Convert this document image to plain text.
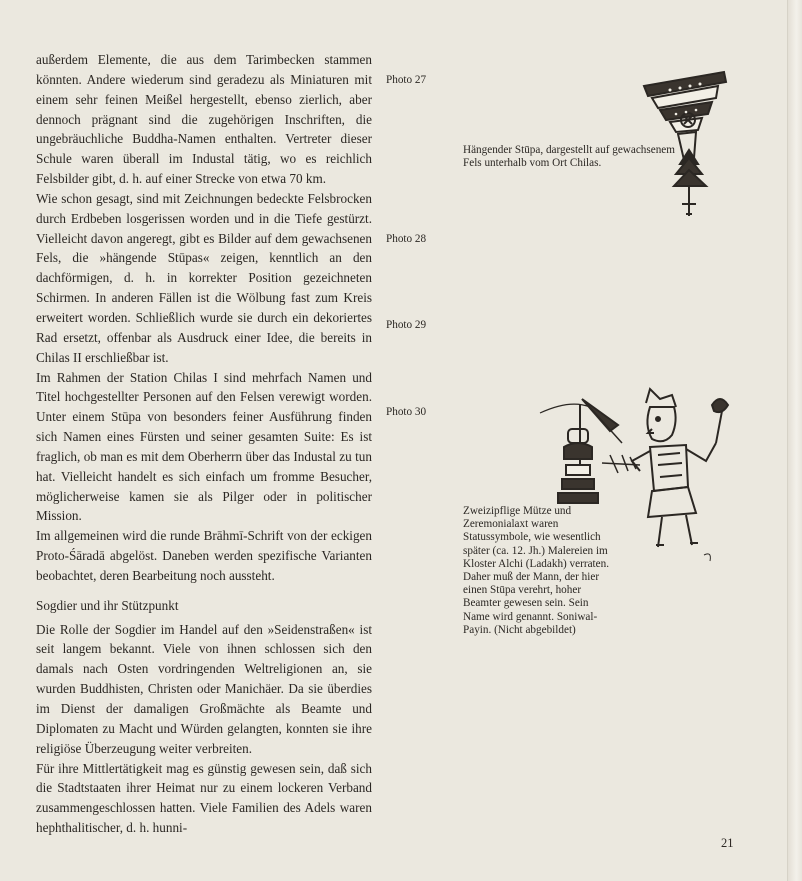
außerdem Elemente, die aus dem Tarimbecken stammen könnten. Andere wiederum sind geradezu als Miniaturen mit einem sehr feinen Meißel hergestellt, ebenso zierlich, aber dennoch prägnant sind die zugehörigen Inschriften, die ungebräuchliche Buddha-Namen enthalten. Vertreter dieser Schule waren überall im Industal tätig, wo es reichlich Felsbilder gibt, d. h. auf einer Strecke von etwa 70 km.

Wie schon gesagt, sind mit Zeichnungen bedeckte Felsbrocken durch Erdbeben losgerissen worden und in die Tiefe gestürzt. Vielleicht davon angeregt, gibt es Bilder auf dem gewachsenen Fels, die »hängende Stūpas« zeigen, kenntlich an den dachförmigen, d. h. in korrekter Position gezeichneten Schirmen. In anderen Fällen ist die Wölbung fast zum Kreis erweitert worden. Schließlich wurde sie durch ein dekoriertes Rad ersetzt, offenbar als Ausdruck einer Idee, die bereits in Chilas II erschließbar ist.

Im Rahmen der Station Chilas I sind mehrfach Namen und Titel hochgestellter Personen auf den Felsen verewigt worden. Unter einem Stūpa von besonders feiner Ausführung finden sich Namen eines Fürsten und seiner gesamten Suite: Es ist fraglich, ob man es mit dem Oberherrn über das Industal zu tun hat. Vielleicht handelt es sich einfach um fromme Besucher, möglicherweise kamen sie als Pilger oder in politischer Mission.

Im allgemeinen wird die runde Brāhmī-Schrift von der eckigen Proto-Śāradā abgelöst. Daneben werden spezifische Varianten beobachtet, deren Bearbeitung noch aussteht.

Sogdier und ihr Stützpunkt

Die Rolle der Sogdier im Handel auf den »Seidenstraßen« ist seit langem bekannt. Viele von ihnen schlossen sich den damals nach Osten vordringenden Weltreligionen an, sie wurden Buddhisten, Christen oder Manichäer. Da sie überdies im Dienst der damaligen Großmächte als Beamte und Diplomaten zu Macht und Würden gelangten, konnten sie ihre religiöse Überzeugung weiter verbreiten.

Für ihre Mittlertätigkeit mag es günstig gewesen sein, daß sich die Stadtstaaten ihrer Heimat nur zu einem lockeren Verband zusammengeschlossen hatten. Viele Familien des Adels waren hephthalitischer, d. h. hunni-

Photo 27
Photo 28
Photo 29
Photo 30
Hängender Stūpa, dargestellt auf gewachsenem Fels unterhalb vom Ort Chilas.
Zweizipflige Mütze und Zeremonialaxt waren Statussymbole, wie wesentlich später (ca. 12. Jh.) Malereien im Kloster Alchi (Ladakh) verraten. Daher muß der Mann, der hier einen Stūpa verehrt, hoher Beamter gewesen sein. Sein Name wird genannt. Soniwal-Payin. (Nicht abgebildet)
21
